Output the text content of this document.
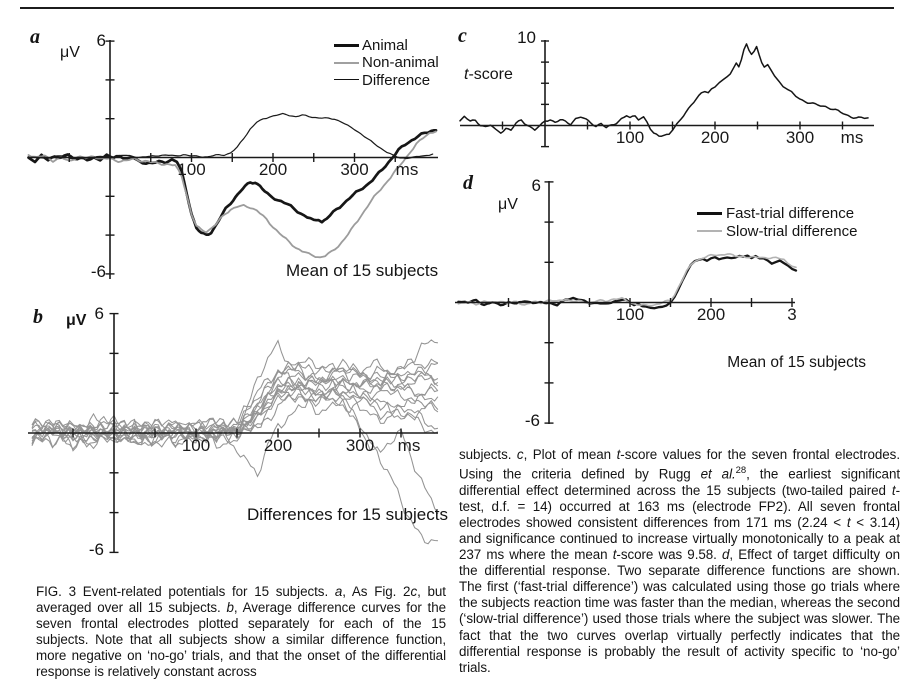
100	200	300 ms
100	200	300 ms
100	200	300 ms
100	200	3
a
μV
6
-6
Animal
Non-animal
Difference
Mean of 15 subjects
b μV 6
-6
Differences for 15 subjects
c	10
t-score
d	6
μV
-6
Fast-trial difference
Slow-trial difference
Mean of 15 subjects
FIG. 3 Event-related potentials for 15 subjects. a, As Fig. 2c, but averaged over all 15 subjects. b, Average difference curves for the seven frontal electrodes plotted separately for each of the 15 subjects. Note that all subjects show a similar difference function, more negative on ‘no-go’ trials, and that the onset of the differential response is relatively constant across
subjects. c, Plot of mean t-score values for the seven frontal electrodes. Using the criteria defined by Rugg et al.$^{28}$, the earliest significant differential effect determined across the 15 subjects (two-tailed paired t-test, d.f. = 14) occurred at 163 ms (electrode FP2). All seven frontal electrodes showed consistent differences from 171 ms (2.24 < t < 3.14) and significance continued to increase virtually monotonically to a peak at 237 ms where the mean t-score was 9.58. d, Effect of target difficulty on the differential response. Two separate difference functions are shown. The first (‘fast-trial difference’) was calculated using those go trials where the subjects reaction time was faster than the median, whereas the second (‘slow-trial difference’) used those trials where the subject was slower. The fact that the two curves overlap virtually perfectly indicates that the differential response is probably the result of activity specific to ‘no-go’ trials.
